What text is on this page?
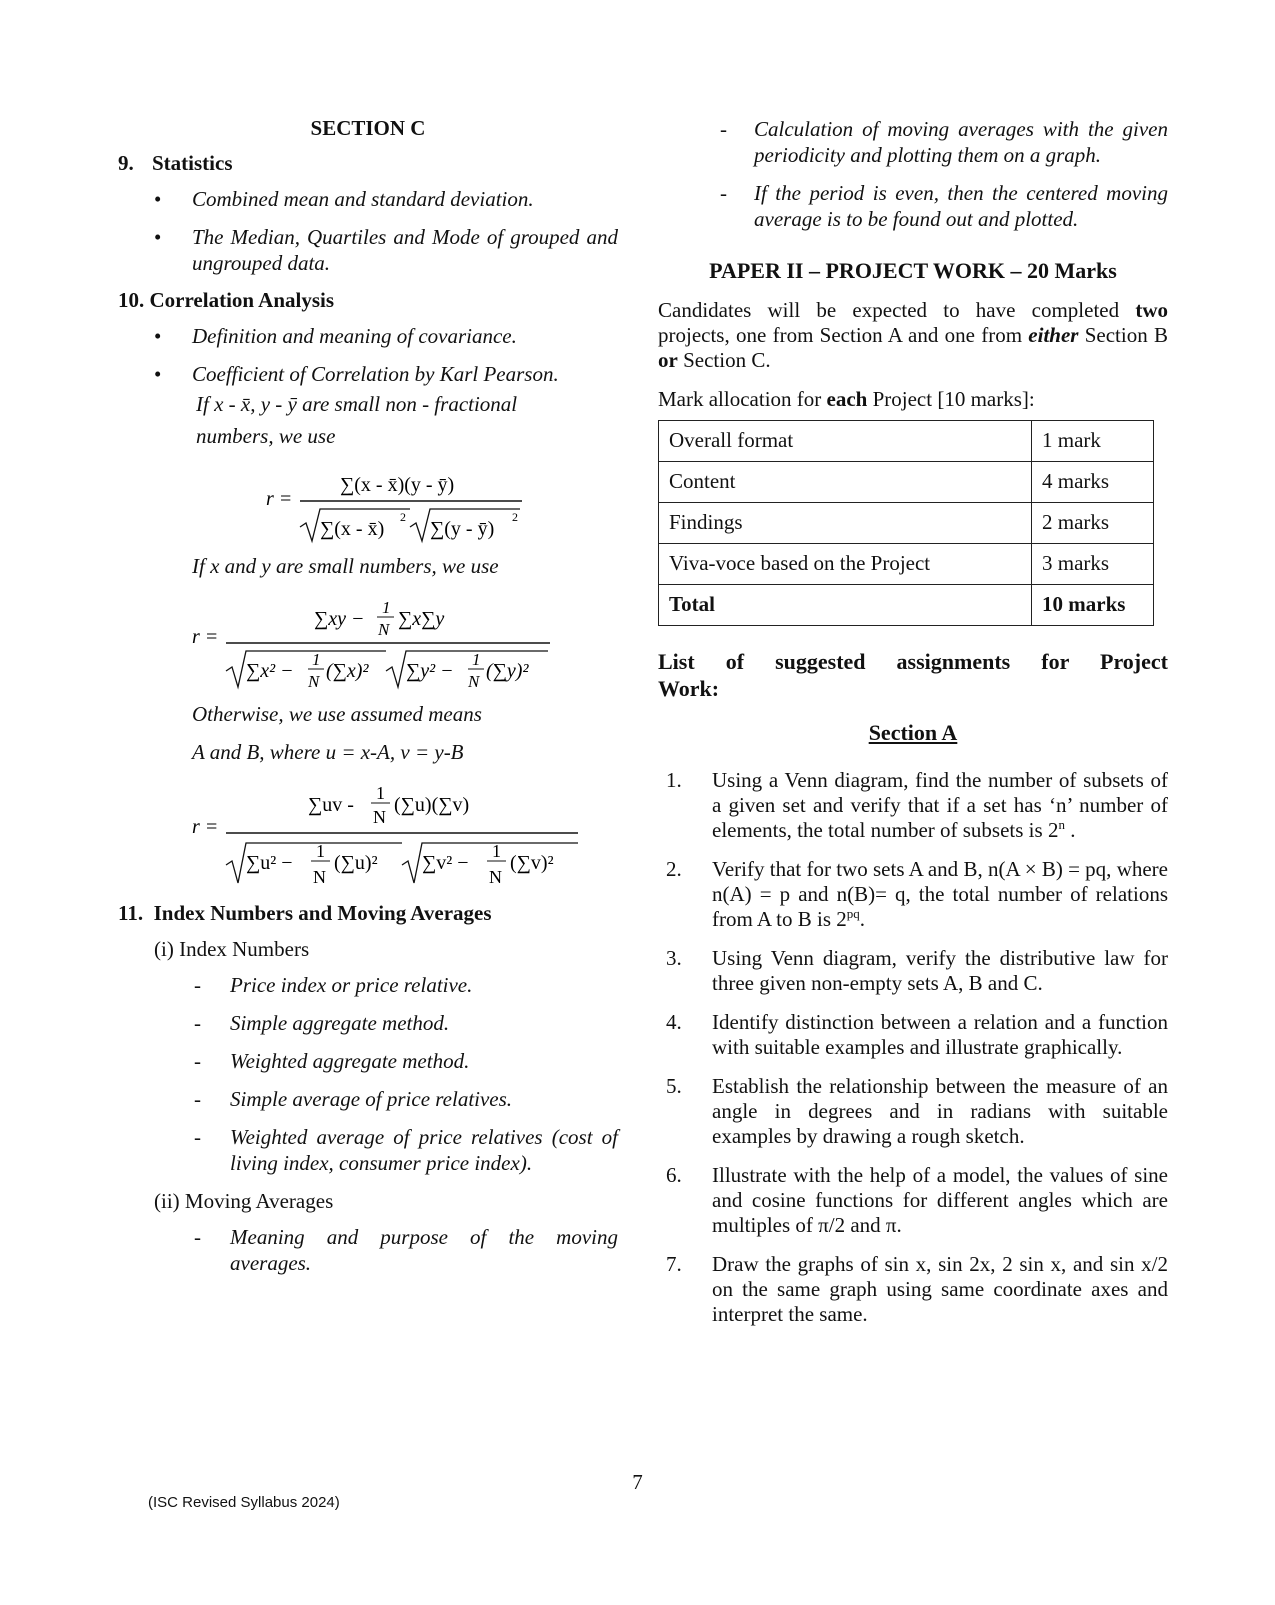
SECTION C
9. Statistics
• Combined mean and standard deviation.
• The Median, Quartiles and Mode of grouped and ungrouped data.
10. Correlation Analysis
• Definition and meaning of covariance.
• Coefficient of Correlation by Karl Pearson.
If x - x̄, y - ȳ are small non - fractional
numbers, we use
r =
∑(x - x̄)(y - ȳ)
∑(x - x̄)
2
∑(y - ȳ)
2
If x and y are small numbers, we use
r =
∑xy −
1
N ∑x∑y
∑x² −
1
N (∑x)² ∑y² −
1
N (∑y)²
Otherwise, we use assumed means
A and B, where u = x-A, v = y-B
r =
∑uv -
1
N
(∑u)(∑v)
∑u² −
1
N
(∑u)² ∑v² −
1
N
(∑v)²
11. Index Numbers and Moving Averages
(i) Index Numbers
- Price index or price relative.
- Simple aggregate method.
- Weighted aggregate method.
- Simple average of price relatives.
- Weighted average of price relatives (cost of living index, consumer price index).
(ii) Moving Averages
- Meaning and purpose of the moving averages.
- Calculation of moving averages with the given periodicity and plotting them on a graph.
- If the period is even, then the centered moving average is to be found out and plotted.
PAPER II – PROJECT WORK – 20 Marks
Candidates will be expected to have completed two projects, one from Section A and one from either Section B or Section C.
Mark allocation for each Project [10 marks]:
Overall format	1 mark
Content	4 marks
Findings	2 marks
Viva-voce based on the Project	3 marks
Total	10 marks
List of suggested assignments for Project Work:
Section A
1. Using a Venn diagram, find the number of subsets of a given set and verify that if a set has ‘n’ number of elements, the total number of subsets is 2$^n$ .
2. Verify that for two sets A and B, n(A × B) = pq, where n(A) = p and n(B)= q, the total number of relations from A to B is $2^{pq}$.
3. Using Venn diagram, verify the distributive law for three given non-empty sets A, B and C.
4. Identify distinction between a relation and a function with suitable examples and illustrate graphically.
5. Establish the relationship between the measure of an angle in degrees and in radians with suitable examples by drawing a rough sketch.
6. Illustrate with the help of a model, the values of sine and cosine functions for different angles which are multiples of π/2 and π.
7. Draw the graphs of sin x, sin 2x, 2 sin x, and sin x/2 on the same graph using same coordinate axes and interpret the same.
7
(ISC Revised Syllabus 2024)
